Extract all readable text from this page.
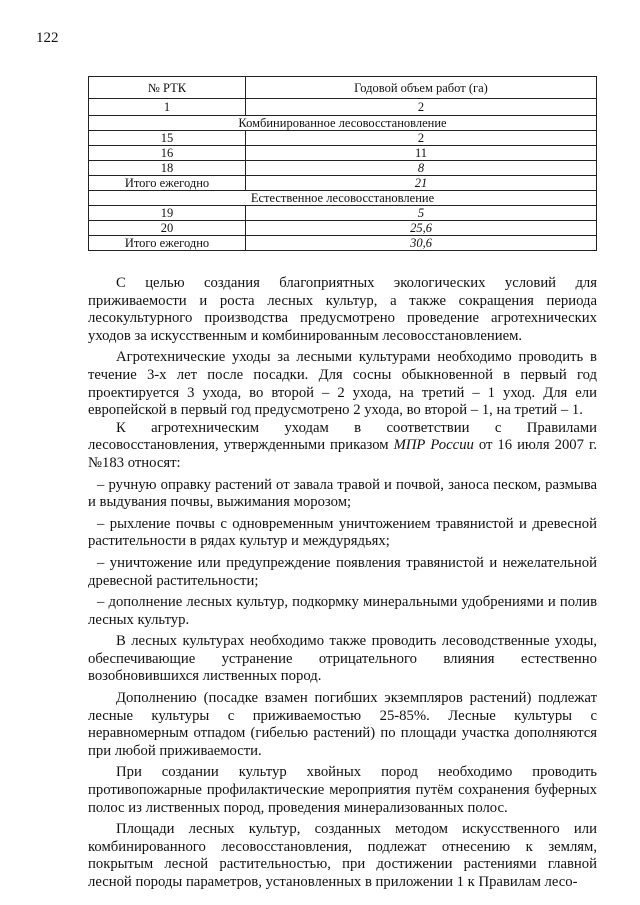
122
№ РТК	Годовой объем работ (га)
1	2
Комбинированное лесовосстановление	
15	2
16	11
18	8
Итого ежегодно	21
Естественное лесовосстановление	
19	5
20	25,6
Итого ежегодно	30,6

С целью создания благоприятных экологических условий для приживаемости и роста лесных культур, а также сокращения периода лесокультурного производства предусмотрено проведение агротехнических уходов за искусственным и комбинированным лесовосстановлением.

Агротехнические уходы за лесными культурами необходимо проводить в течение 3-х лет после посадки. Для сосны обыкновенной в первый год проектируется 3 ухода, во второй – 2 ухода, на третий – 1 уход. Для ели европейской в первый год предусмотрено 2 ухода, во второй – 1, на третий – 1.

К агротехническим уходам в соответствии с Правилами лесовосстановления, утвержденными приказом МПР России от 16 июля 2007 г. №183 относят:

– ручную оправку растений от завала травой и почвой, заноса песком, размыва и выдувания почвы, выжимания морозом;

– рыхление почвы с одновременным уничтожением травянистой и древесной растительности в рядах культур и междурядьях;

– уничтожение или предупреждение появления травянистой и нежелательной древесной растительности;

– дополнение лесных культур, подкормку минеральными удобрениями и полив лесных культур.

В лесных культурах необходимо также проводить лесоводственные уходы, обеспечивающие устранение отрицательного влияния естественно возобновившихся лиственных пород.

Дополнению (посадке взамен погибших экземпляров растений) подлежат лесные культуры с приживаемостью 25-85%. Лесные культуры с неравномерным отпадом (гибелью растений) по площади участка дополняются при любой приживаемости.

При создании культур хвойных пород необходимо проводить противопожарные профилактические мероприятия путём сохранения буферных полос из лиственных пород, проведения минерализованных полос.

Площади лесных культур, созданных методом искусственного или комбинированного лесовосстановления, подлежат отнесению к землям, покрытым лесной растительностью, при достижении растениями главной лесной породы параметров, установленных в приложении 1 к Правилам лесо-
